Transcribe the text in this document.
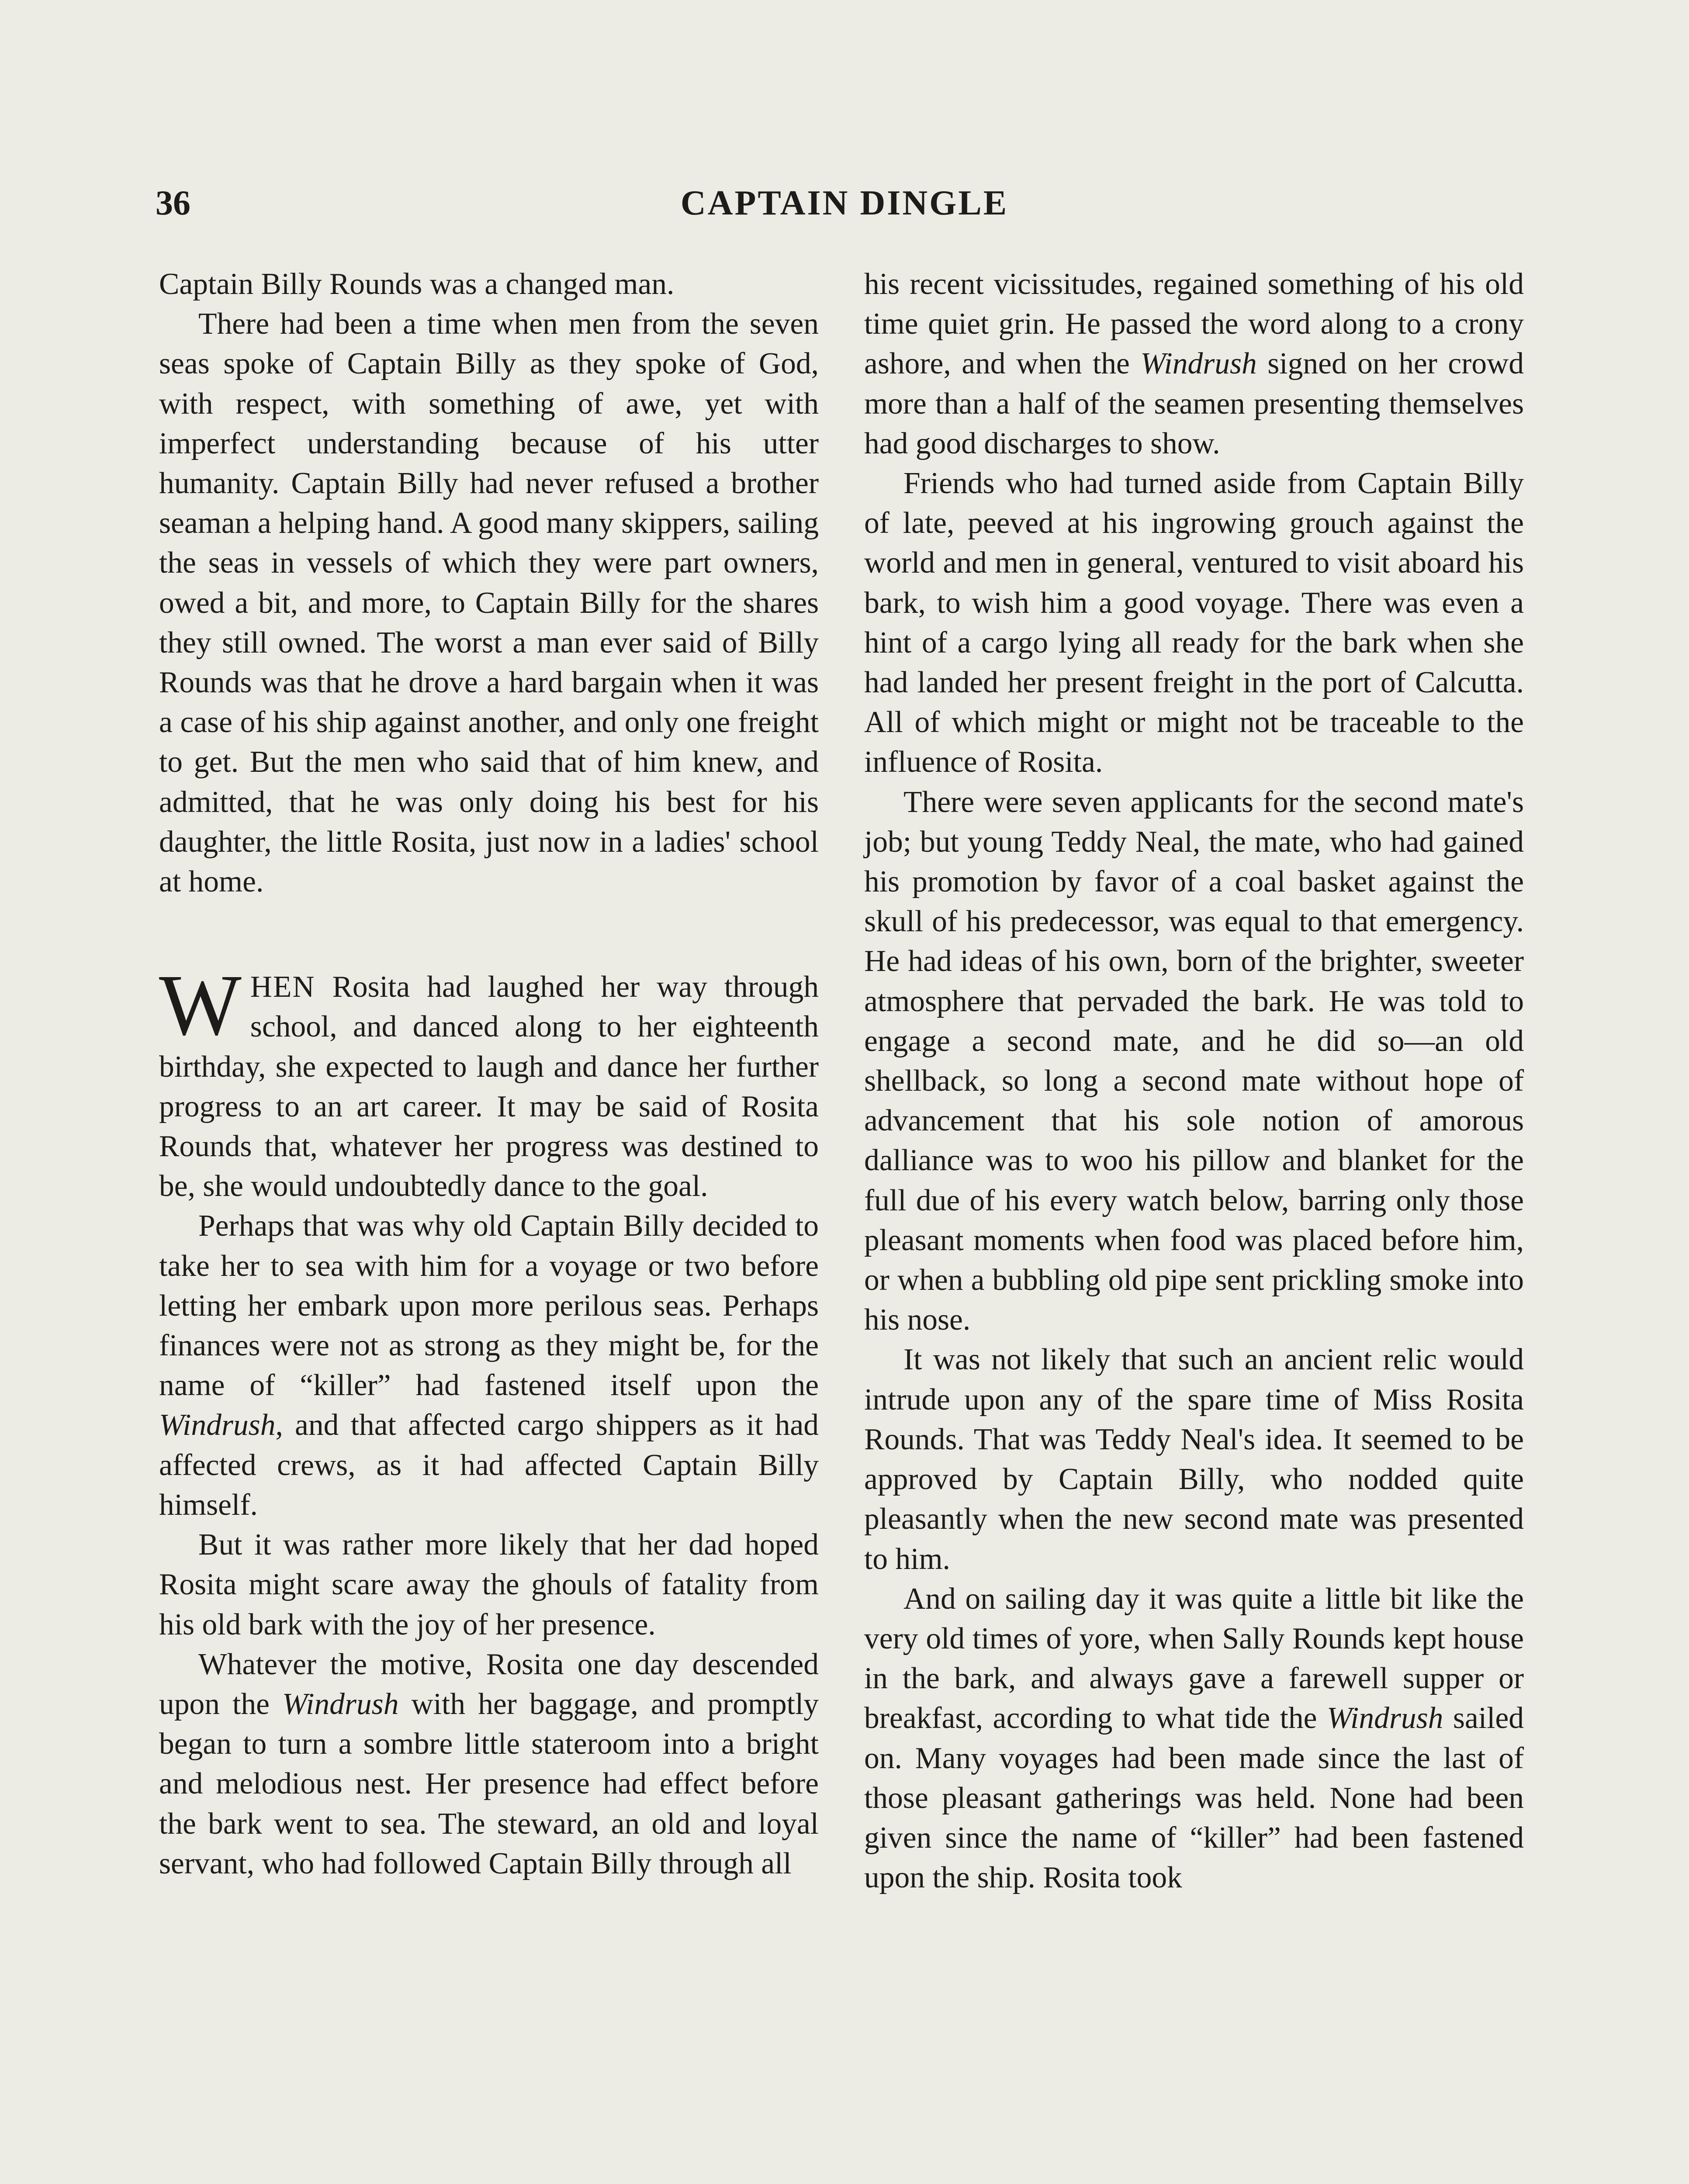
36	CAPTAIN DINGLE

Captain Billy Rounds was a changed man.

There had been a time when men from the seven seas spoke of Captain Billy as they spoke of God, with respect, with something of awe, yet with imperfect understanding because of his utter humanity. Captain Billy had never refused a brother seaman a helping hand. A good many skippers, sailing the seas in vessels of which they were part owners, owed a bit, and more, to Captain Billy for the shares they still owned. The worst a man ever said of Billy Rounds was that he drove a hard bargain when it was a case of his ship against another, and only one freight to get. But the men who said that of him knew, and admitted, that he was only doing his best for his daughter, the little Rosita, just now in a ladies' school at home.

WHEN Rosita had laughed her way through school, and danced along to her eighteenth birthday, she expected to laugh and dance her further progress to an art career. It may be said of Rosita Rounds that, whatever her progress was destined to be, she would undoubtedly dance to the goal.

Perhaps that was why old Captain Billy decided to take her to sea with him for a voyage or two before letting her embark upon more perilous seas. Perhaps finances were not as strong as they might be, for the name of “killer” had fastened itself upon the Windrush, and that affected cargo shippers as it had affected crews, as it had affected Captain Billy himself.

But it was rather more likely that her dad hoped Rosita might scare away the ghouls of fatality from his old bark with the joy of her presence.

Whatever the motive, Rosita one day descended upon the Windrush with her baggage, and promptly began to turn a sombre little stateroom into a bright and melodious nest. Her presence had effect before the bark went to sea. The steward, an old and loyal servant, who had followed Captain Billy through all

his recent vicissitudes, regained something of his old time quiet grin. He passed the word along to a crony ashore, and when the Windrush signed on her crowd more than a half of the seamen presenting themselves had good discharges to show.

Friends who had turned aside from Captain Billy of late, peeved at his ingrowing grouch against the world and men in general, ventured to visit aboard his bark, to wish him a good voyage. There was even a hint of a cargo lying all ready for the bark when she had landed her present freight in the port of Calcutta. All of which might or might not be traceable to the influence of Rosita.

There were seven applicants for the second mate's job; but young Teddy Neal, the mate, who had gained his promotion by favor of a coal basket against the skull of his predecessor, was equal to that emergency. He had ideas of his own, born of the brighter, sweeter atmosphere that pervaded the bark. He was told to engage a second mate, and he did so—an old shellback, so long a second mate without hope of advancement that his sole notion of amorous dalliance was to woo his pillow and blanket for the full due of his every watch below, barring only those pleasant moments when food was placed before him, or when a bubbling old pipe sent prickling smoke into his nose.

It was not likely that such an ancient relic would intrude upon any of the spare time of Miss Rosita Rounds. That was Teddy Neal's idea. It seemed to be approved by Captain Billy, who nodded quite pleasantly when the new second mate was presented to him.

And on sailing day it was quite a little bit like the very old times of yore, when Sally Rounds kept house in the bark, and always gave a farewell supper or breakfast, according to what tide the Windrush sailed on. Many voyages had been made since the last of those pleasant gatherings was held. None had been given since the name of “killer” had been fastened upon the ship. Rosita took
